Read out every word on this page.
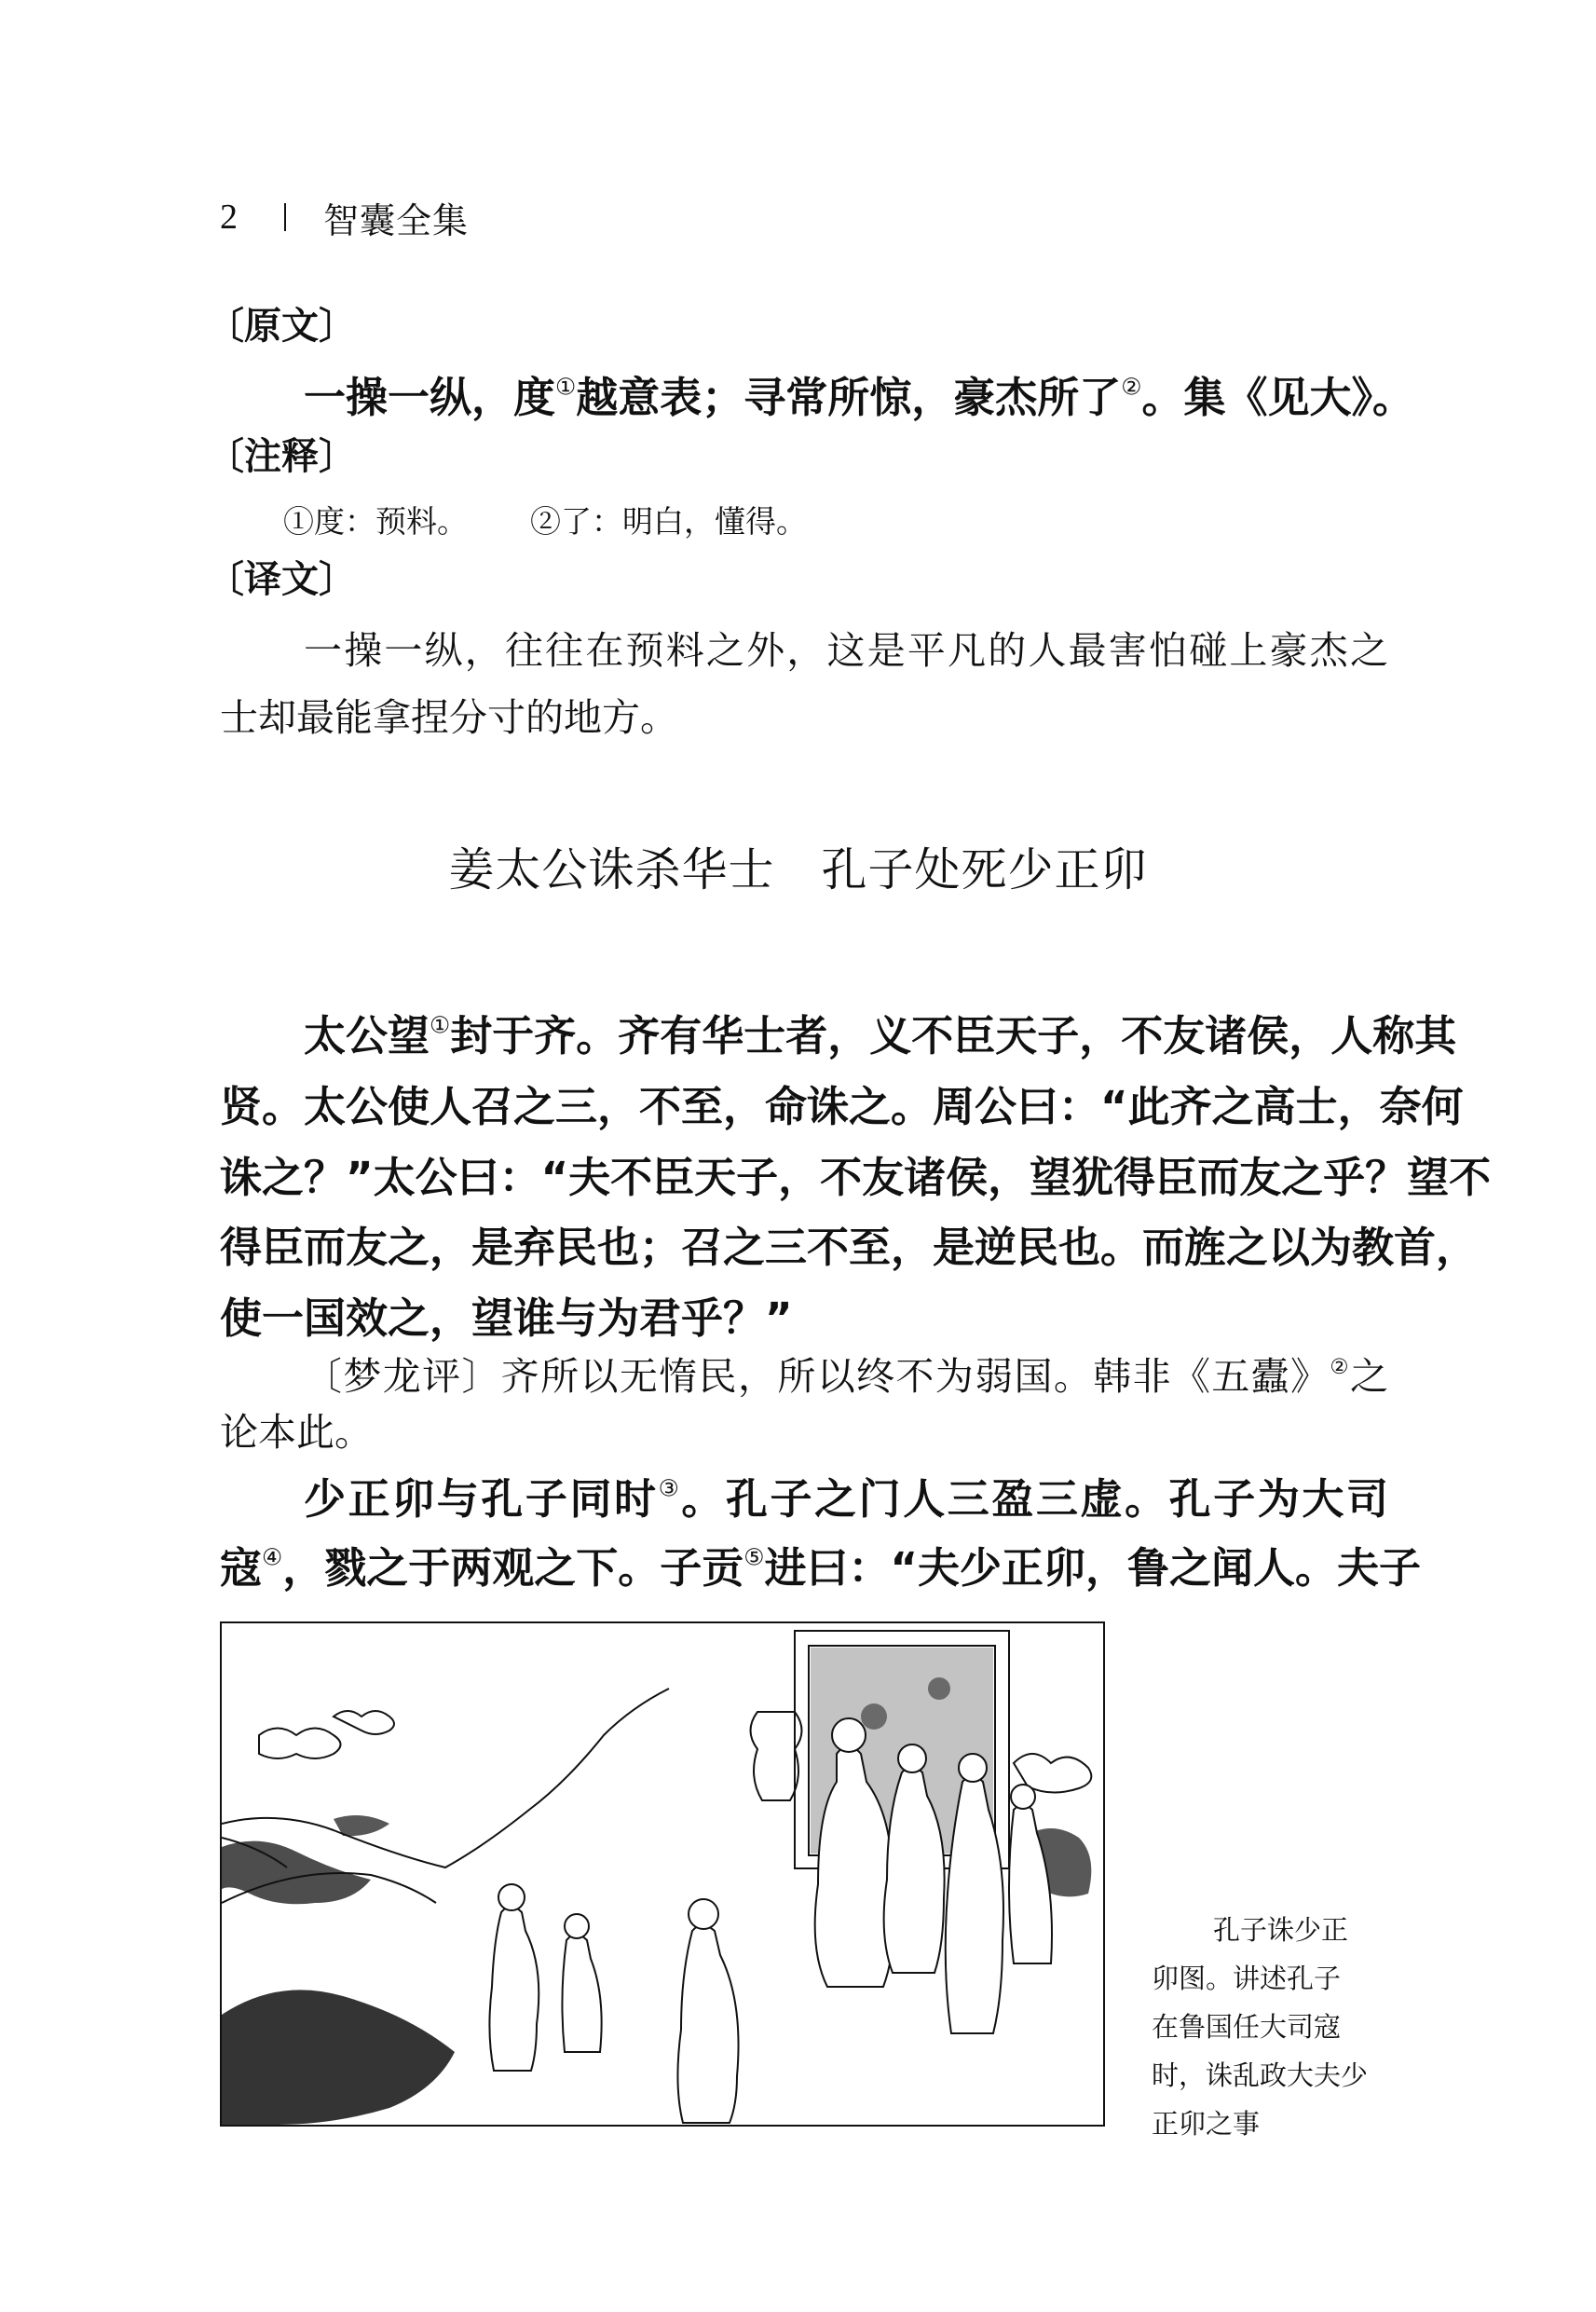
2 智囊全集
〔原文〕
一操一纵，度①越意表；寻常所惊，豪杰所了②。集《见大》。
〔注释〕
①度：预料。 ②了：明白，懂得。
〔译文〕
一操一纵，往往在预料之外，这是平凡的人最害怕碰上豪杰之
士却最能拿捏分寸的地方。
姜太公诛杀华士　孔子处死少正卯
太公望①封于齐。齐有华士者，义不臣天子，不友诸侯，人称其
贤。太公使人召之三，不至，命诛之。周公曰：“此齐之高士，奈何
诛之？”太公曰：“夫不臣天子，不友诸侯，望犹得臣而友之乎？望不
得臣而友之，是弃民也；召之三不至，是逆民也。而旌之以为教首，
使一国效之，望谁与为君乎？”
〔梦龙评〕齐所以无惰民，所以终不为弱国。韩非《五蠹》②之
论本此。
少正卯与孔子同时③。孔子之门人三盈三虚。孔子为大司
寇④，戮之于两观之下。子贡⑤进曰：“夫少正卯，鲁之闻人。夫子
孔子诛少正
卯图。讲述孔子
在鲁国任大司寇
时，诛乱政大夫少
正卯之事
